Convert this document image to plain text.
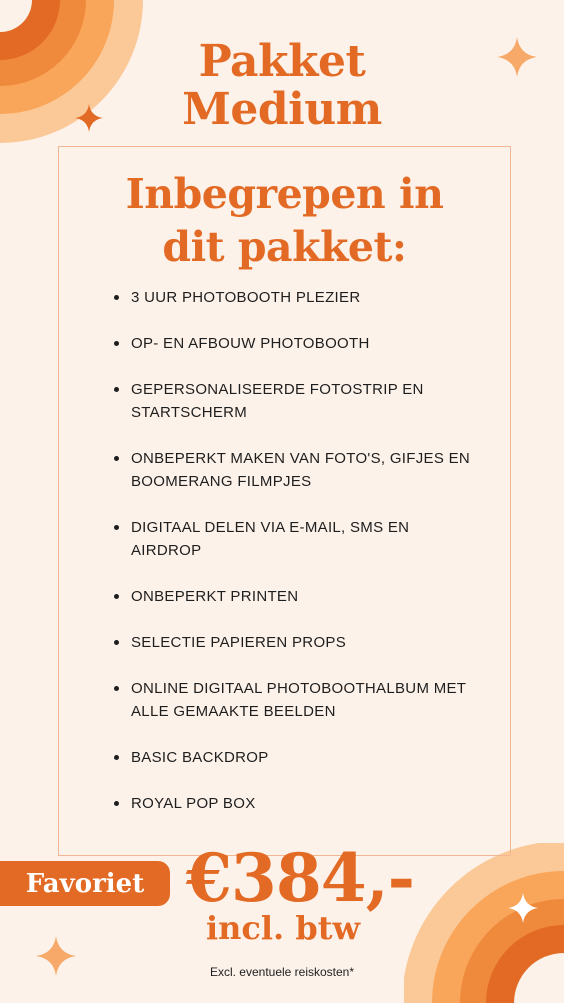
Pakket
Medium
Inbegrepen in
dit pakket:
3 UUR PHOTOBOOTH PLEZIER
OP- EN AFBOUW PHOTOBOOTH
GEPERSONALISEERDE FOTOSTRIP EN STARTSCHERM
ONBEPERKT MAKEN VAN FOTO'S, GIFJES EN BOOMERANG FILMPJES
DIGITAAL DELEN VIA E-MAIL, SMS EN AIRDROP
ONBEPERKT PRINTEN
SELECTIE PAPIEREN PROPS
ONLINE DIGITAAL PHOTOBOOTHALBUM MET ALLE GEMAAKTE BEELDEN
BASIC BACKDROP
ROYAL POP BOX
Favoriet €384,-
incl. btw
Excl. eventuele reiskosten*
